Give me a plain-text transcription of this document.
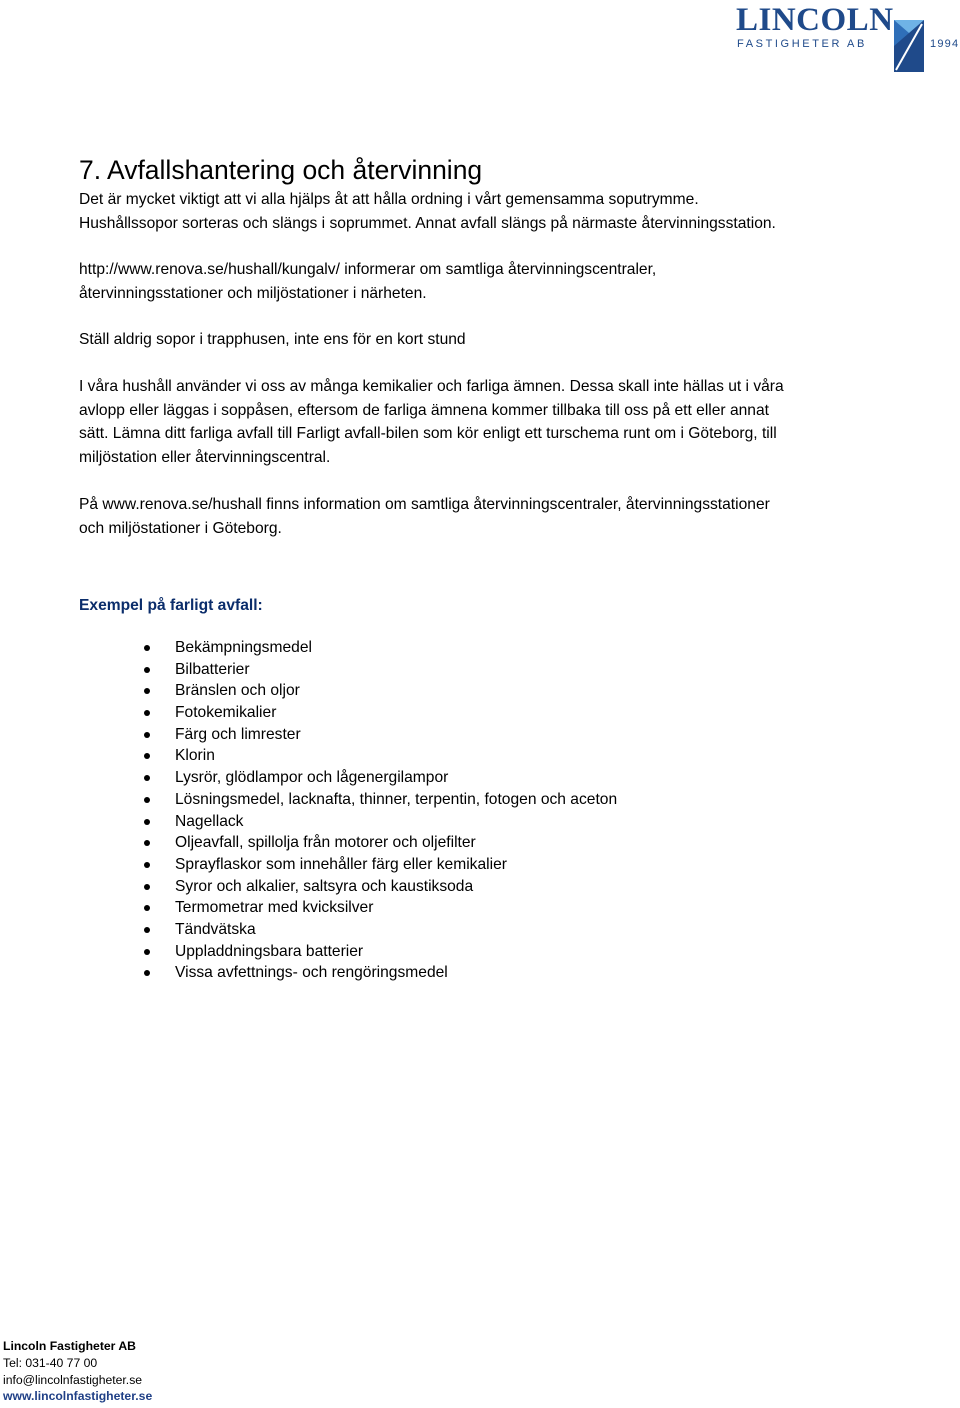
LINCOLN
FASTIGHETER AB	1994
7. Avfallshantering och återvinning

Det är mycket viktigt att vi alla hjälps åt att hålla ordning i vårt gemensamma soputrymme.

Hushållssopor sorteras och slängs i soprummet. Annat avfall slängs på närmaste återvinningsstation.

http://www.renova.se/hushall/kungalv/ informerar om samtliga återvinningscentraler,

återvinningsstationer och miljöstationer i närheten.

Ställ aldrig sopor i trapphusen, inte ens för en kort stund

I våra hushåll använder vi oss av många kemikalier och farliga ämnen. Dessa skall inte hällas ut i våra

avlopp eller läggas i soppåsen, eftersom de farliga ämnena kommer tillbaka till oss på ett eller annat

sätt. Lämna ditt farliga avfall till Farligt avfall-bilen som kör enligt ett turschema runt om i Göteborg, till

miljöstation eller återvinningscentral.

På www.renova.se/hushall finns information om samtliga återvinningscentraler, återvinningsstationer

och miljöstationer i Göteborg.

Exempel på farligt avfall:
Bekämpningsmedel
Bilbatterier
Bränslen och oljor
Fotokemikalier
Färg och limrester
Klorin
Lysrör, glödlampor och lågenergilampor
Lösningsmedel, lacknafta, thinner, terpentin, fotogen och aceton
Nagellack
Oljeavfall, spillolja från motorer och oljefilter
Sprayflaskor som innehåller färg eller kemikalier
Syror och alkalier, saltsyra och kaustiksoda
Termometrar med kvicksilver
Tändvätska
Uppladdningsbara batterier
Vissa avfettnings- och rengöringsmedel
Lincoln Fastigheter AB
Tel: 031-40 77 00
info@lincolnfastigheter.se
www.lincolnfastigheter.se
